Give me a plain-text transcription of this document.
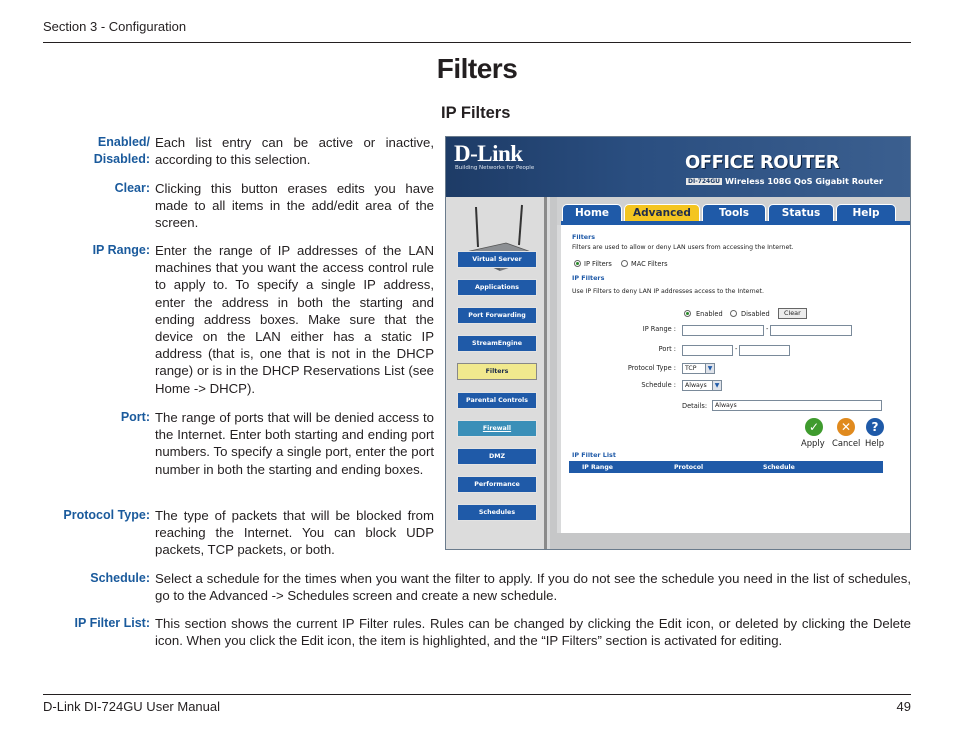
Section 3 - Configuration
Filters
IP Filters
Enabled/
Disabled:
Each list entry can be active or inactive, according to this selection.
Clear: Clicking this button erases edits you have made to all items in the add/edit area of the screen.
IP Range: Enter the range of IP addresses of the LAN machines that you want the access control rule to apply to. To specify a single IP address, enter the address in both the starting and ending address boxes. Make sure that the device on the LAN either has a static IP address (that is, one that is not in the DHCP range) or is in the DHCP Reservations List (see Home -> DHCP).
Port: The range of ports that will be denied access to the Internet. Enter both starting and ending port numbers. To specify a single port, enter the port number in both the starting and ending boxes.
Protocol Type: The type of packets that will be blocked from reaching the Internet. You can block UDP packets, TCP packets, or both.
Schedule: Select a schedule for the times when you want the filter to apply. If you do not see the schedule you need in the list of schedules, go to the Advanced -> Schedules screen and create a new schedule.
IP Filter List: This section shows the current IP Filter rules. Rules can be changed by clicking the Edit icon, or deleted by clicking the Delete icon. When you click the Edit icon, the item is highlighted, and the “IP Filters” section is activated for editing.
D-Link
Building Networks for People	OFFICE ROUTER
DI-724GU Wireless 108G QoS Gigabit Router
Virtual Server
Applications
Port Forwarding
StreamEngine
Filters
Parental Controls
Firewall
DMZ
Performance
Schedules
Home	Advanced	Tools	Status	Help
Filters
Filters are used to allow or deny LAN users from accessing the Internet.
IP Filters	MAC Filters
IP Filters
Use IP Filters to deny LAN IP addresses access to the Internet.
Enabled	Disabled	Clear
IP Range :	-
Port :	-
Protocol Type :	TCP	▼
Schedule :	Always	▼
Details:	Always
✓	✕	?
Apply Cancel Help
IP Filter List
IP Range	Protocol	Schedule
D-Link DI-724GU User Manual	49
